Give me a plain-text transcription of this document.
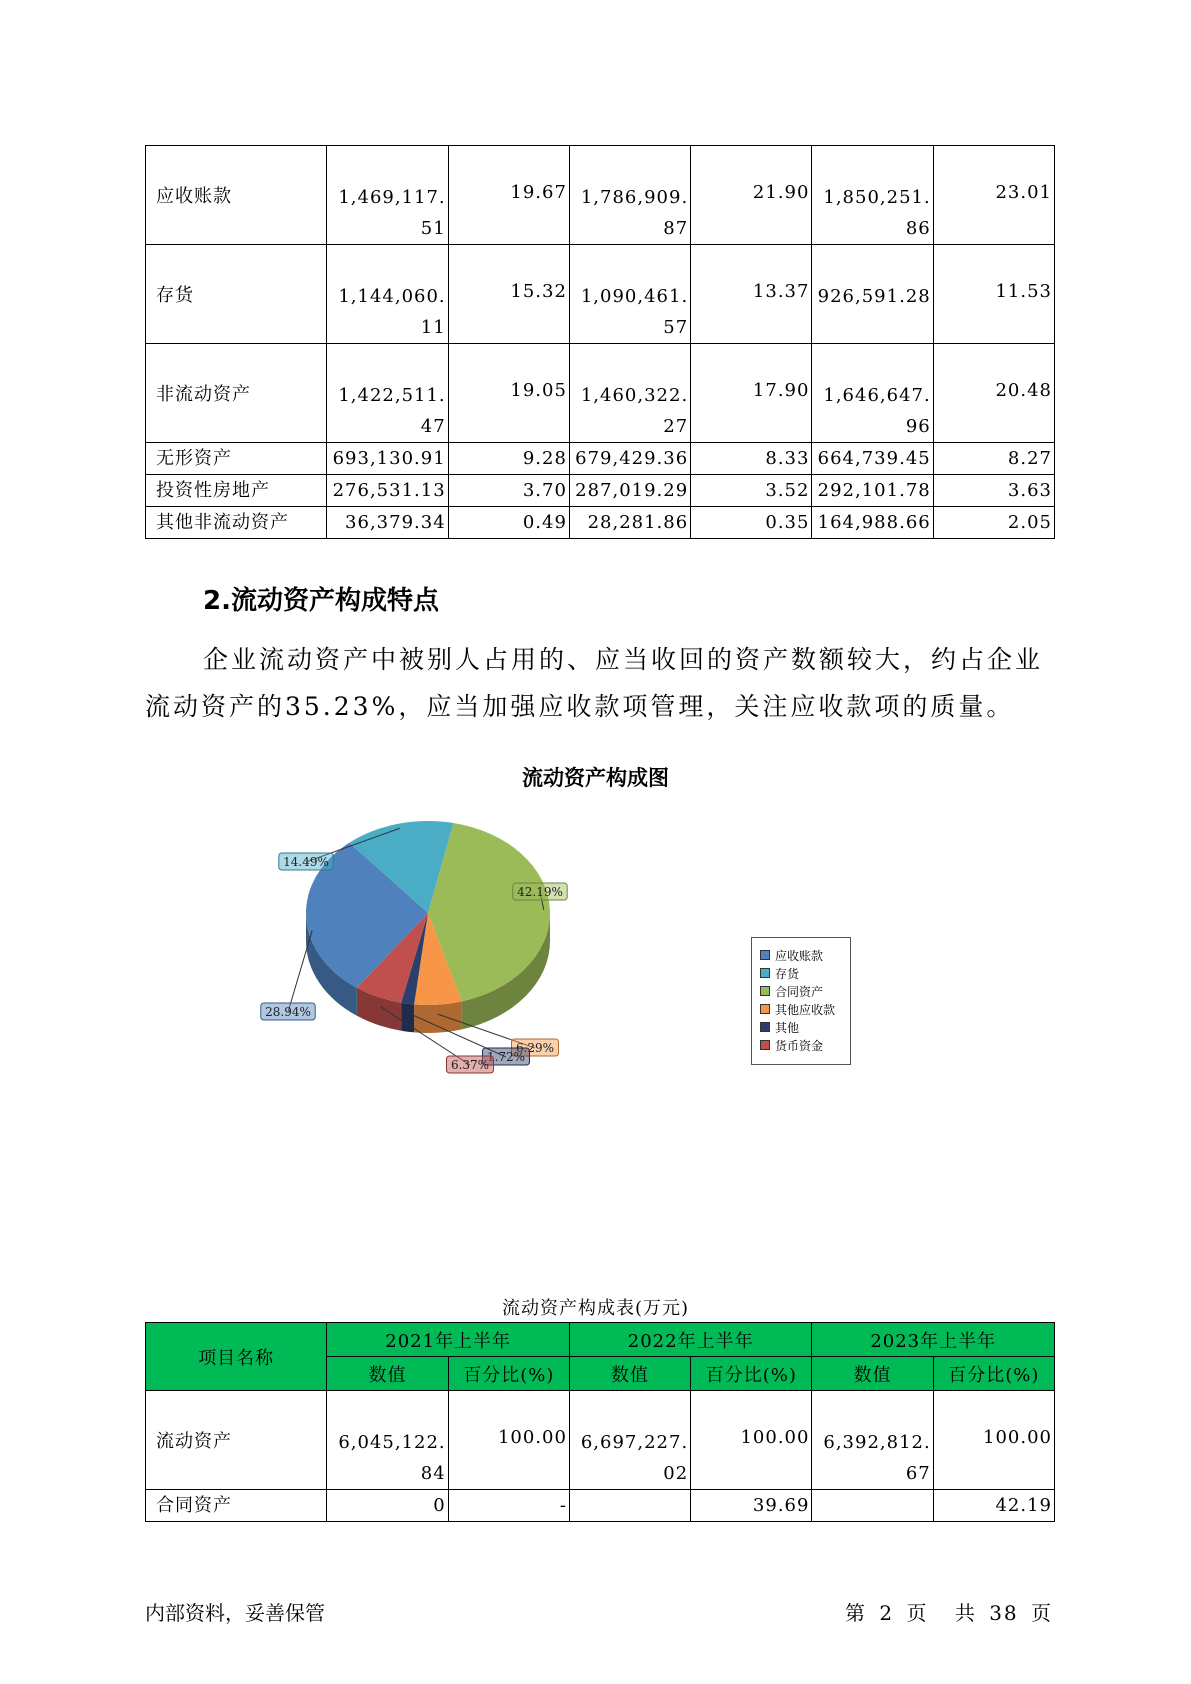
应收账款	1,469,117.51	19.67	1,786,909.87	21.90	1,850,251.86	23.01
存货	1,144,060.11	15.32	1,090,461.57	13.37	926,591.28	11.53
非流动资产	1,422,511.47	19.05	1,460,322.27	17.90	1,646,647.96	20.48
无形资产	693,130.91	9.28	679,429.36	8.33	664,739.45	8.27
投资性房地产	276,531.13	3.70	287,019.29	3.52	292,101.78	3.63
其他非流动资产	36,379.34	0.49	28,281.86	0.35	164,988.66	2.05
2.流动资产构成特点
企业流动资产中被别人占用的、应当收回的资产数额较大，约占企业流动资产的35.23%，应当加强应收款项管理，关注应收款项的质量。
流动资产构成图
42.19%
6.29%
1.72%
6.37%
28.94%
14.49%
应收账款
存货
合同资产
其他应收款
其他
货币资金
流动资产构成表(万元)
项目名称	2021年上半年		2022年上半年		2023年上半年	
	数值	百分比(%)	数值	百分比(%)	数值	百分比(%)
流动资产	6,045,122.84	100.00	6,697,227.02	100.00	6,392,812.67	100.00
合同资产	0	-		39.69		42.19
内部资料，妥善保管	第 2 页 共 38 页
